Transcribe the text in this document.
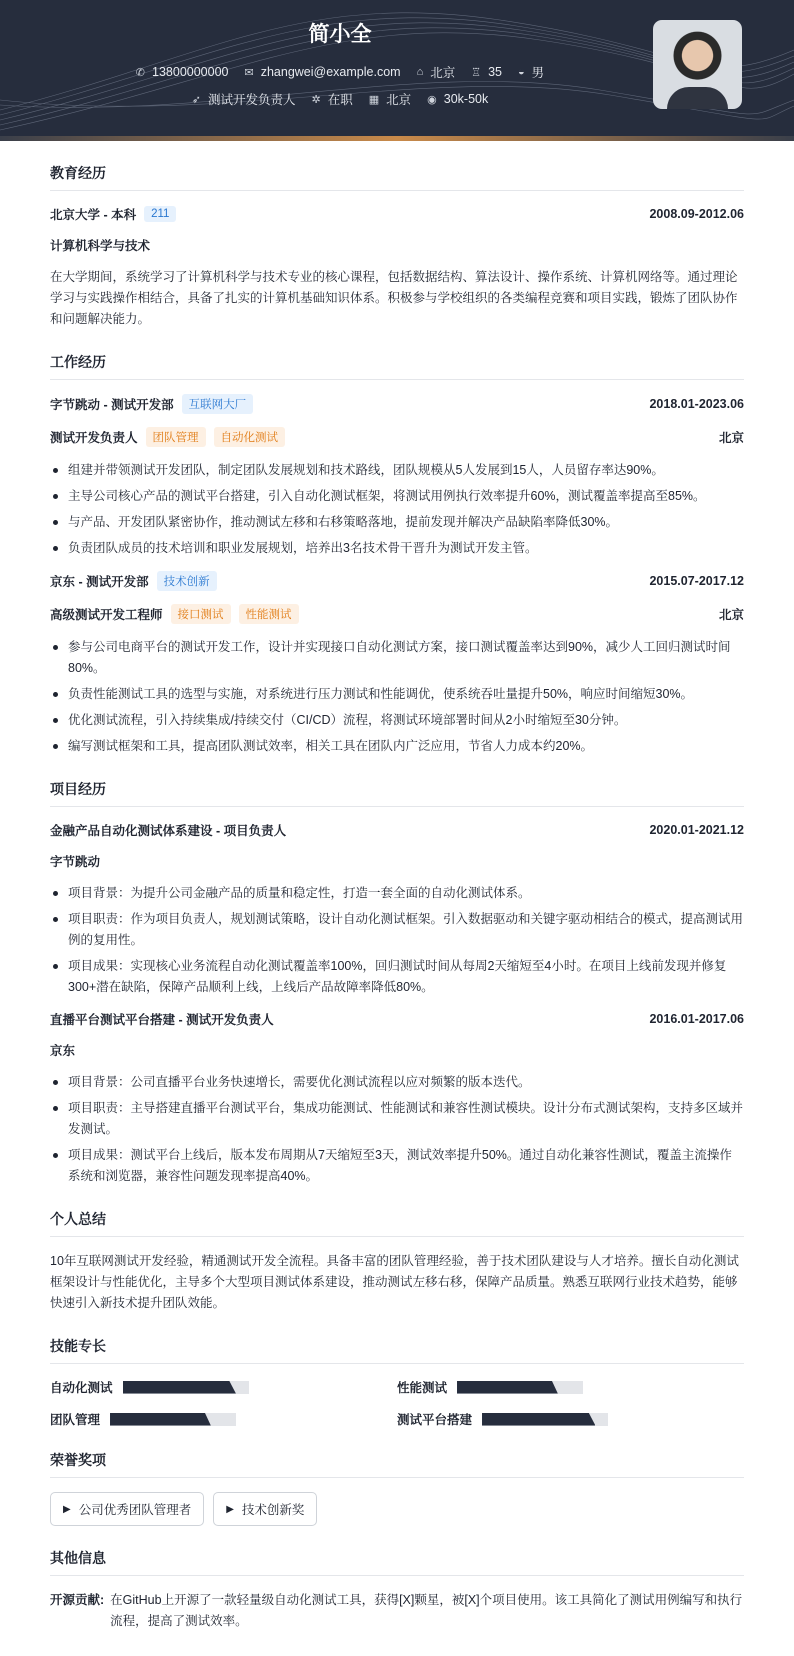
简小全
✆ 13800000000 ✉ zhangwei@example.com ⌂ 北京 ♖ 35 ◒ 男
➶ 测试开发负责人 ✲ 在职 ▦ 北京 ◉ 30k-50k
教育经历
北京大学 - 本科	211	2008.09-2012.06
计算机科学与技术

在大学期间，系统学习了计算机科学与技术专业的核心课程，包括数据结构、算法设计、操作系统、计算机网络等。通过理论学习与实践操作相结合，具备了扎实的计算机基础知识体系。积极参与学校组织的各类编程竞赛和项目实践，锻炼了团队协作和问题解决能力。

工作经历
字节跳动 - 测试开发部	互联网大厂	2018.01-2023.06
测试开发负责人	团队管理	自动化测试	北京
组建并带领测试开发团队，制定团队发展规划和技术路线，团队规模从5人发展到15人，人员留存率达90%。
主导公司核心产品的测试平台搭建，引入自动化测试框架，将测试用例执行效率提升60%，测试覆盖率提高至85%。
与产品、开发团队紧密协作，推动测试左移和右移策略落地，提前发现并解决产品缺陷率降低30%。
负责团队成员的技术培训和职业发展规划，培养出3名技术骨干晋升为测试开发主管。
京东 - 测试开发部	技术创新	2015.07-2017.12
高级测试开发工程师	接口测试	性能测试	北京
参与公司电商平台的测试开发工作，设计并实现接口自动化测试方案，接口测试覆盖率达到90%，减少人工回归测试时间80%。
负责性能测试工具的选型与实施，对系统进行压力测试和性能调优，使系统吞吐量提升50%，响应时间缩短30%。
优化测试流程，引入持续集成/持续交付（CI/CD）流程，将测试环境部署时间从2小时缩短至30分钟。
编写测试框架和工具，提高团队测试效率，相关工具在团队内广泛应用，节省人力成本约20%。
项目经历
金融产品自动化测试体系建设 - 项目负责人	2020.01-2021.12
字节跳动
项目背景：为提升公司金融产品的质量和稳定性，打造一套全面的自动化测试体系。
项目职责：作为项目负责人，规划测试策略，设计自动化测试框架。引入数据驱动和关键字驱动相结合的模式，提高测试用例的复用性。
项目成果：实现核心业务流程自动化测试覆盖率100%，回归测试时间从每周2天缩短至4小时。在项目上线前发现并修复300+潜在缺陷，保障产品顺利上线，上线后产品故障率降低80%。
直播平台测试平台搭建 - 测试开发负责人	2016.01-2017.06
京东
项目背景：公司直播平台业务快速增长，需要优化测试流程以应对频繁的版本迭代。
项目职责：主导搭建直播平台测试平台，集成功能测试、性能测试和兼容性测试模块。设计分布式测试架构，支持多区域并发测试。
项目成果：测试平台上线后，版本发布周期从7天缩短至3天，测试效率提升50%。通过自动化兼容性测试，覆盖主流操作系统和浏览器，兼容性问题发现率提高40%。
个人总结

10年互联网测试开发经验，精通测试开发全流程。具备丰富的团队管理经验，善于技术团队建设与人才培养。擅长自动化测试框架设计与性能优化，主导多个大型项目测试体系建设，推动测试左移右移，保障产品质量。熟悉互联网行业技术趋势，能够快速引入新技术提升团队效能。

技能专长
自动化测试	性能测试
团队管理	测试平台搭建
荣誉奖项
▶ 公司优秀团队管理者	▶ 技术创新奖
其他信息
开源贡献: 在GitHub上开源了一款轻量级自动化测试工具，获得[X]颗星，被[X]个项目使用。该工具简化了测试用例编写和执行流程，提高了测试效率。
